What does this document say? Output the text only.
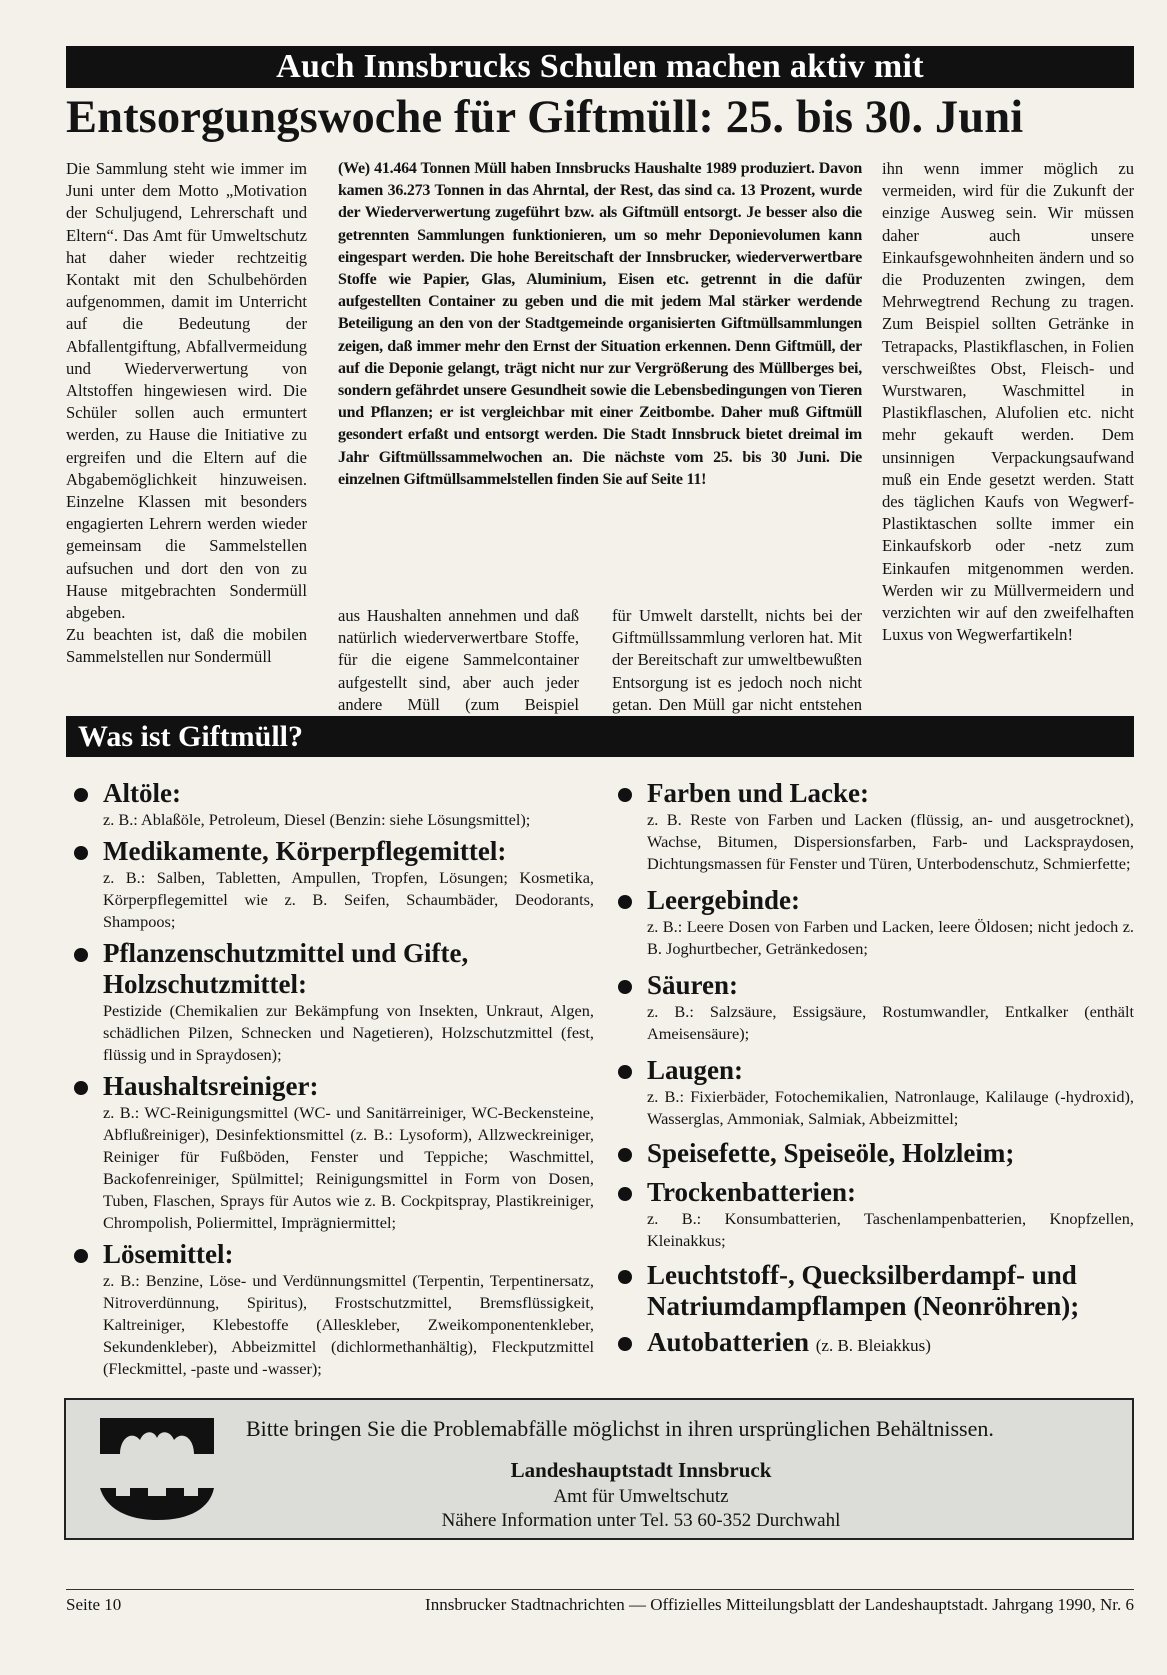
Auch Innsbrucks Schulen machen aktiv mit
Entsorgungswoche für Giftmüll: 25. bis 30. Juni

Die Sammlung steht wie immer im Juni unter dem Motto „Motivation der Schuljugend, Lehrerschaft und Eltern“. Das Amt für Umweltschutz hat daher wieder rechtzeitig Kontakt mit den Schulbehörden aufgenommen, damit im Unterricht auf die Bedeutung der Abfallentgiftung, Abfallvermeidung und Wiederverwertung von Altstoffen hingewiesen wird. Die Schüler sollen auch ermuntert werden, zu Hause die Initiative zu ergreifen und die Eltern auf die Abgabemöglichkeit hinzuweisen. Einzelne Klassen mit besonders engagierten Lehrern werden wieder gemeinsam die Sammelstellen aufsuchen und dort den von zu Hause mitgebrachten Sondermüll abgeben.

Zu beachten ist, daß die mobilen Sammelstellen nur Sondermüll

(We) 41.464 Tonnen Müll haben Innsbrucks Haushalte 1989 produziert. Davon kamen 36.273 Tonnen in das Ahrntal, der Rest, das sind ca. 13 Prozent, wurde der Wiederverwertung zugeführt bzw. als Giftmüll entsorgt. Je besser also die getrennten Sammlungen funktionieren, um so mehr Deponievolumen kann eingespart werden. Die hohe Bereitschaft der Innsbrucker, wiederverwertbare Stoffe wie Papier, Glas, Aluminium, Eisen etc. getrennt in die dafür aufgestellten Container zu geben und die mit jedem Mal stärker werdende Beteiligung an den von der Stadtgemeinde organisierten Giftmüllsammlungen zeigen, daß immer mehr den Ernst der Situation erkennen. Denn Giftmüll, der auf die Deponie gelangt, trägt nicht nur zur Vergrößerung des Müllberges bei, sondern gefährdet unsere Gesundheit sowie die Lebensbedingungen von Tieren und Pflanzen; er ist vergleichbar mit einer Zeitbombe. Daher muß Giftmüll gesondert erfaßt und entsorgt werden. Die Stadt Innsbruck bietet dreimal im Jahr Giftmüllssammelwochen an. Die nächste vom 25. bis 30 Juni. Die einzelnen Giftmüllsammelstellen finden Sie auf Seite 11!
aus Haushalten annehmen und daß natürlich wiederverwertbare Stoffe, für die eigene Sammelcontainer aufgestellt sind, aber auch jeder andere Müll (zum Beispiel
für Umwelt darstellt, nichts bei der Giftmüllssammlung verloren hat. Mit der Bereitschaft zur umweltbewußten Entsorgung ist es jedoch noch nicht getan. Den Müll gar nicht entstehen
ihn wenn immer möglich zu vermeiden, wird für die Zukunft der einzige Ausweg sein. Wir müssen daher auch unsere Einkaufsgewohnheiten ändern und so die Produzenten zwingen, dem Mehrwegtrend Rechung zu tragen. Zum Beispiel sollten Getränke in Tetrapacks, Plastikflaschen, in Folien verschweißtes Obst, Fleisch- und Wurstwaren, Waschmittel in Plastikflaschen, Alufolien etc. nicht mehr gekauft werden. Dem unsinnigen Verpackungsaufwand muß ein Ende gesetzt werden. Statt des täglichen Kaufs von Wegwerf-Plastiktaschen sollte immer ein Einkaufskorb oder -netz zum Einkaufen mitgenommen werden. Werden wir zu Müllvermeidern und verzichten wir auf den zweifelhaften Luxus von Wegwerfartikeln!
Was ist Giftmüll?
Altöle:
z. B.: Ablaßöle, Petroleum, Diesel (Benzin: siehe Lösungsmittel);
Medikamente, Körperpflegemittel:
z. B.: Salben, Tabletten, Ampullen, Tropfen, Lösungen; Kosmetika, Körperpflegemittel wie z. B. Seifen, Schaumbäder, Deodorants, Shampoos;
Pflanzenschutzmittel und Gifte, Holzschutzmittel:
Pestizide (Chemikalien zur Bekämpfung von Insekten, Unkraut, Algen, schädlichen Pilzen, Schnecken und Nagetieren), Holzschutzmittel (fest, flüssig und in Spraydosen);
Haushaltsreiniger:
z. B.: WC-Reinigungsmittel (WC- und Sanitärreiniger, WC-Beckensteine, Abflußreiniger), Desinfektionsmittel (z. B.: Lysoform), Allzweckreiniger, Reiniger für Fußböden, Fenster und Teppiche; Waschmittel, Backofenreiniger, Spülmittel; Reinigungsmittel in Form von Dosen, Tuben, Flaschen, Sprays für Autos wie z. B. Cockpitspray, Plastikreiniger, Chrompolish, Poliermittel, Imprägniermittel;
Lösemittel:
z. B.: Benzine, Löse- und Verdünnungsmittel (Terpentin, Terpentinersatz, Nitroverdünnung, Spiritus), Frostschutzmittel, Bremsflüssigkeit, Kaltreiniger, Klebestoffe (Alleskleber, Zweikomponentenkleber, Sekundenkleber), Abbeizmittel (dichlormethanhältig), Fleckputzmittel (Fleckmittel, -paste und -wasser);
Farben und Lacke:
z. B. Reste von Farben und Lacken (flüssig, an- und ausgetrocknet), Wachse, Bitumen, Dispersionsfarben, Farb- und Lackspraydosen, Dichtungsmassen für Fenster und Türen, Unterbodenschutz, Schmierfette;
Leergebinde:
z. B.: Leere Dosen von Farben und Lacken, leere Öldosen; nicht jedoch z. B. Joghurtbecher, Getränkedosen;
Säuren:
z. B.: Salzsäure, Essigsäure, Rostumwandler, Entkalker (enthält Ameisensäure);
Laugen:
z. B.: Fixierbäder, Fotochemikalien, Natronlauge, Kalilauge (-hydroxid), Wasserglas, Ammoniak, Salmiak, Abbeizmittel;
Speisefette, Speiseöle, Holzleim;
Trockenbatterien:
z. B.: Konsumbatterien, Taschenlampenbatterien, Knopfzellen, Kleinakkus;
Leuchtstoff-, Quecksilberdampf- und Natriumdampflampen (Neonröhren);
Autobatterien (z. B. Bleiakkus)
Bitte bringen Sie die Problemabfälle möglichst in ihren ursprünglichen Behältnissen.
Landeshauptstadt Innsbruck
Amt für Umweltschutz
Nähere Information unter Tel. 53 60-352 Durchwahl
Seite 10	Innsbrucker Stadtnachrichten — Offizielles Mitteilungsblatt der Landeshauptstadt. Jahrgang 1990, Nr. 6
